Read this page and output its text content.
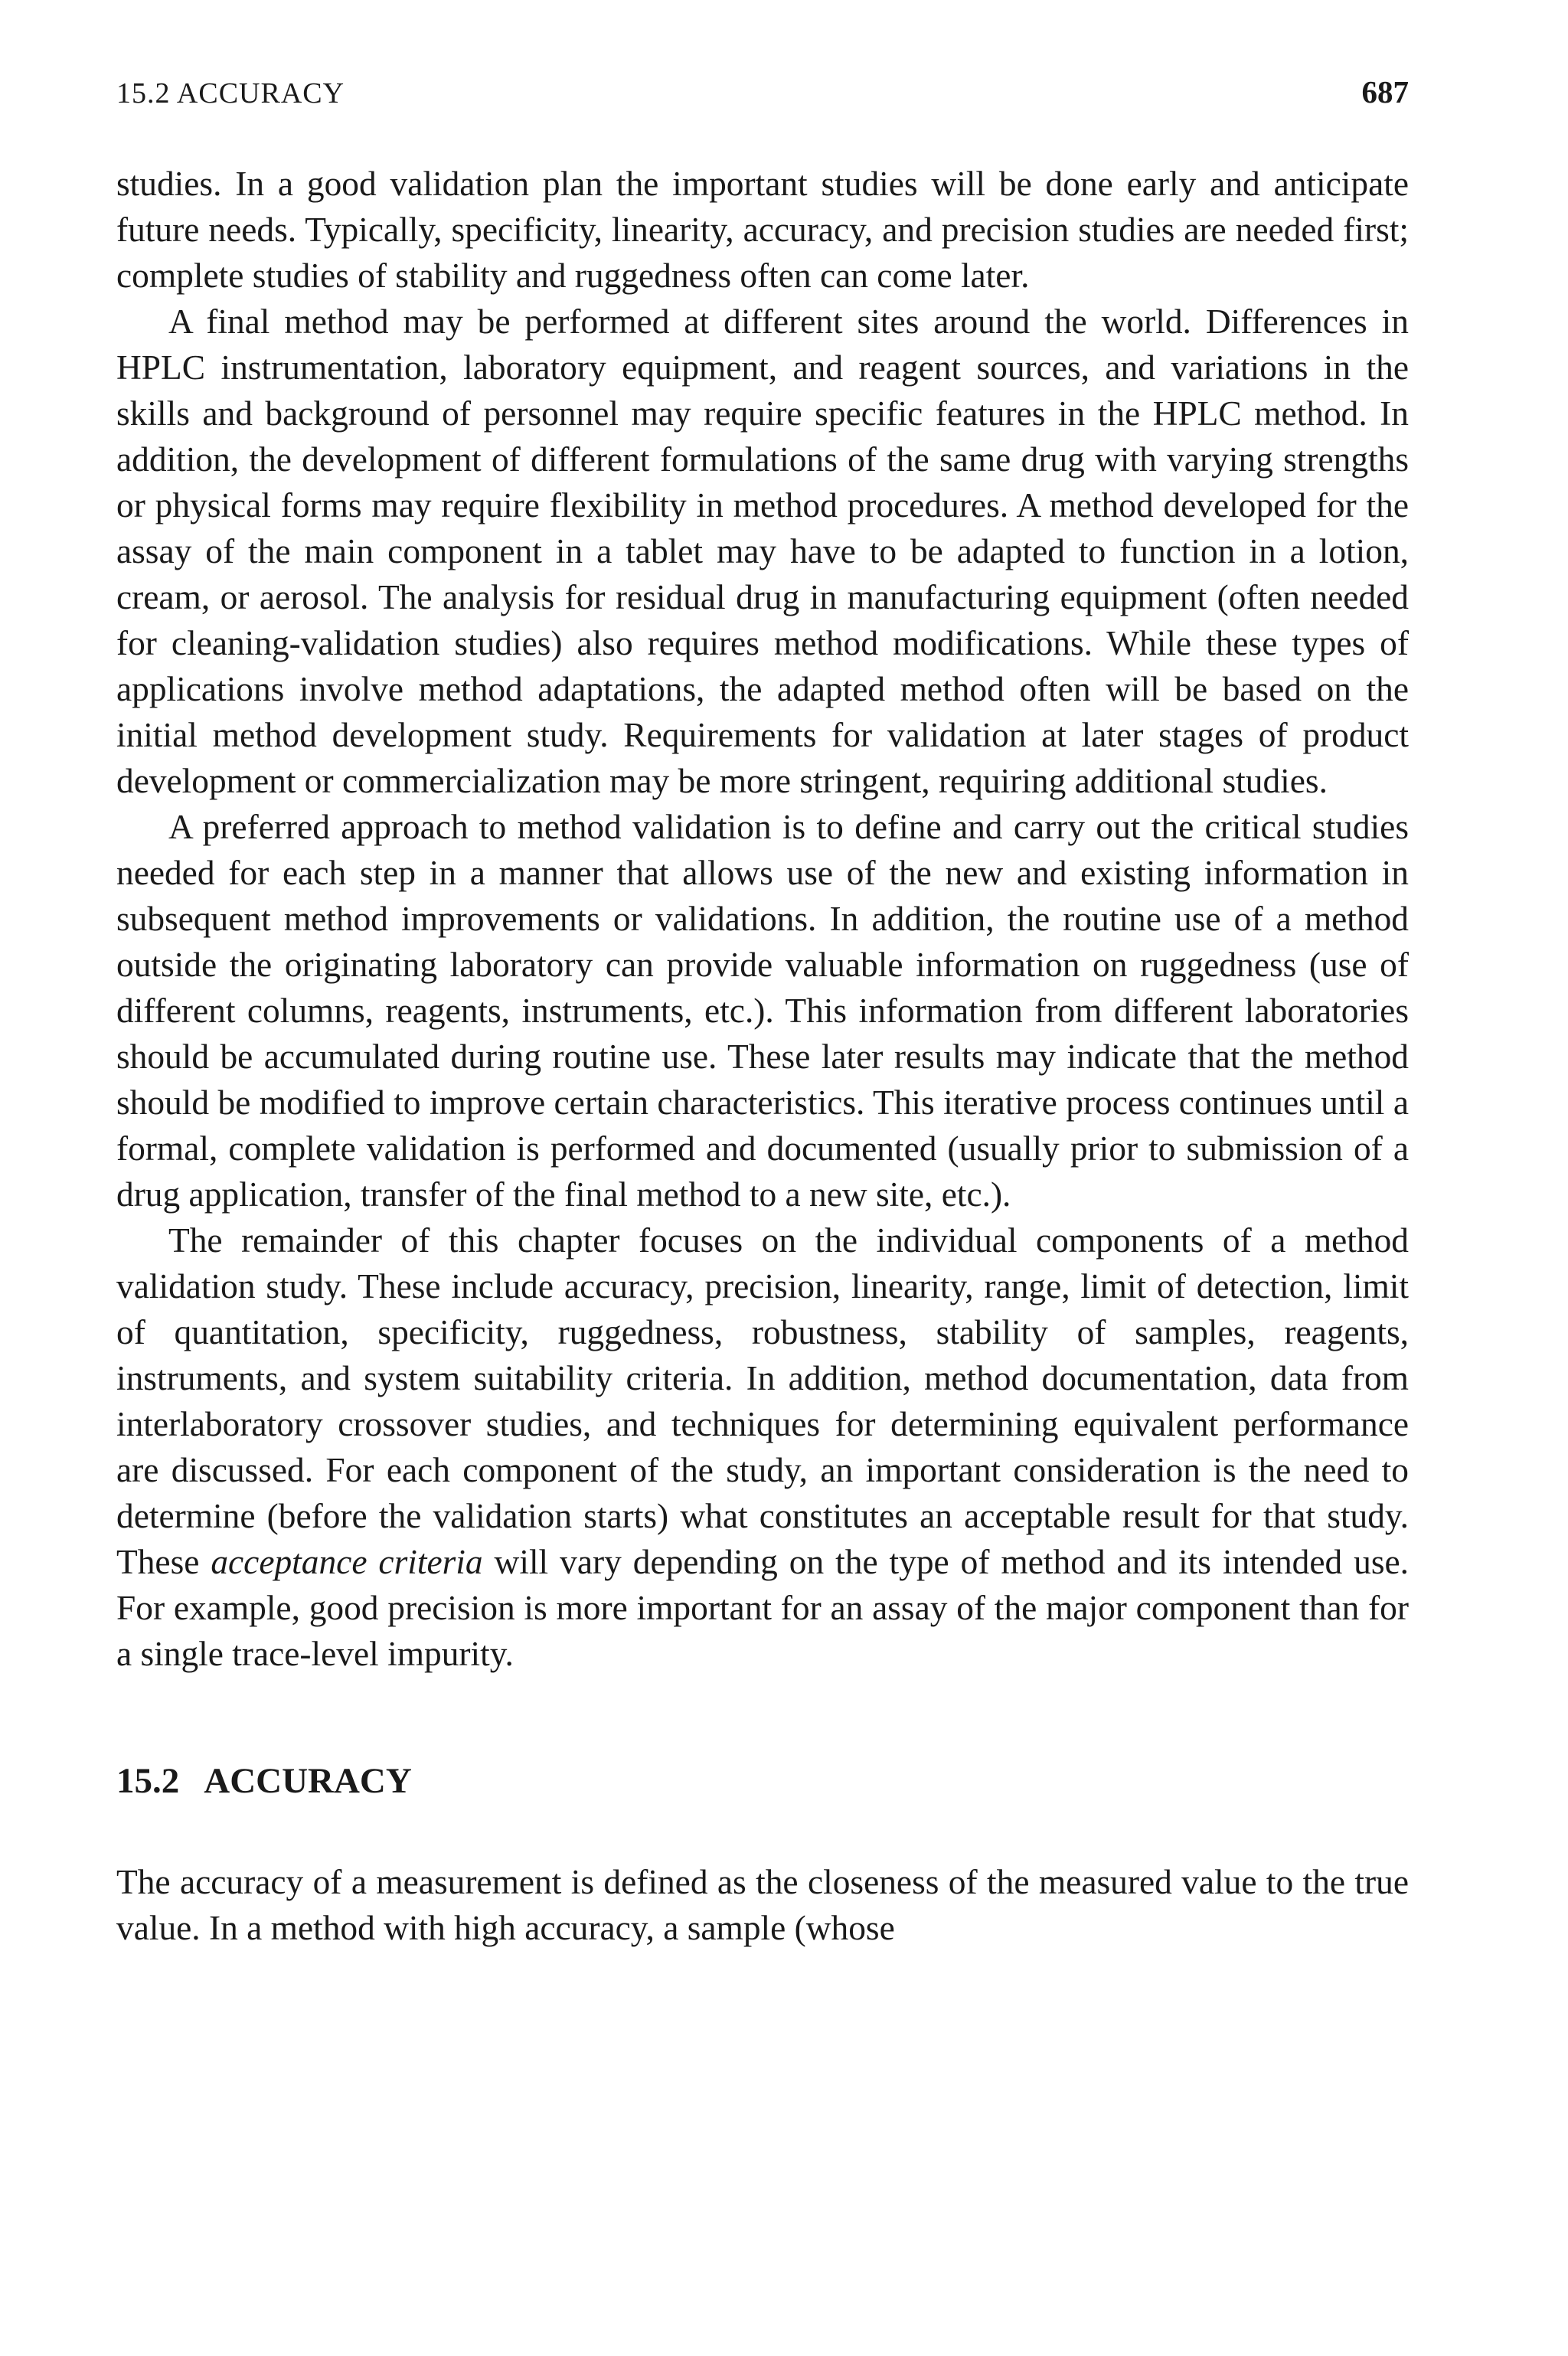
15.2 ACCURACY	687

studies. In a good validation plan the important studies will be done early and anticipate future needs. Typically, specificity, linearity, accuracy, and precision studies are needed first; complete studies of stability and ruggedness often can come later.

A final method may be performed at different sites around the world. Differences in HPLC instrumentation, laboratory equipment, and reagent sources, and variations in the skills and background of personnel may require specific features in the HPLC method. In addition, the development of different formulations of the same drug with varying strengths or physical forms may require flexibility in method procedures. A method developed for the assay of the main component in a tablet may have to be adapted to function in a lotion, cream, or aerosol. The analysis for residual drug in manufacturing equipment (often needed for cleaning-validation studies) also requires method modifications. While these types of applications involve method adaptations, the adapted method often will be based on the initial method development study. Requirements for validation at later stages of product development or commercialization may be more stringent, requiring additional studies.

A preferred approach to method validation is to define and carry out the critical studies needed for each step in a manner that allows use of the new and existing information in subsequent method improvements or validations. In addition, the routine use of a method outside the originating laboratory can provide valuable information on ruggedness (use of different columns, reagents, instruments, etc.). This information from different laboratories should be accumulated during routine use. These later results may indicate that the method should be modified to improve certain characteristics. This iterative process continues until a formal, complete validation is performed and documented (usually prior to submission of a drug application, transfer of the final method to a new site, etc.).

The remainder of this chapter focuses on the individual components of a method validation study. These include accuracy, precision, linearity, range, limit of detection, limit of quantitation, specificity, ruggedness, robustness, stability of samples, reagents, instruments, and system suitability criteria. In addition, method documentation, data from interlaboratory crossover studies, and techniques for determining equivalent performance are discussed. For each component of the study, an important consideration is the need to determine (before the validation starts) what constitutes an acceptable result for that study. These acceptance criteria will vary depending on the type of method and its intended use. For example, good precision is more important for an assay of the major component than for a single trace-level impurity.

15.2 ACCURACY

The accuracy of a measurement is defined as the closeness of the measured value to the true value. In a method with high accuracy, a sample (whose
